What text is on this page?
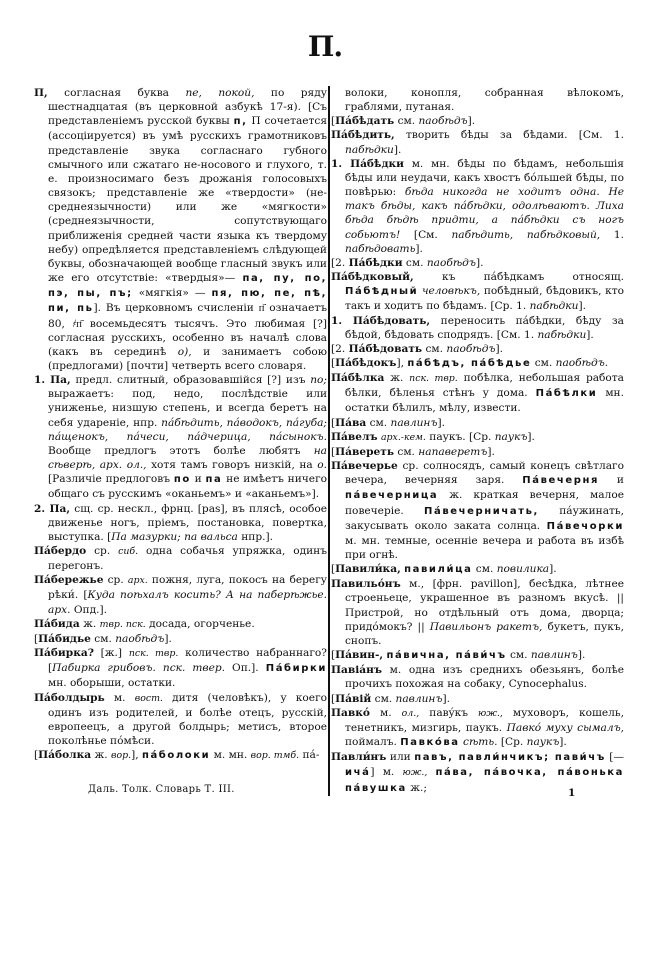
П.

П, согласная буква пе, покой, по ряду шестнадцатая (въ церковной азбукѣ 17-я). [Съ представленіемъ русской буквы п, П сочетается (ассоціируется) въ умѣ русскихъ грамотниковъ представленіе звука согласнаго губного смычного или сжатаго не-носового и глухого, т. е. произносимаго безъ дрожанія голосовыхъ связокъ; представленіе же «твердости» (не-среднеязычности) или же «мягкости» (среднеязычности, сопутствующаго приближенія средней части языка къ твердому небу) опредѣляется представленіемъ слѣдующей буквы, обозначающей вообще гласный звукъ или же его отсутствіе: «твердыя»— па, пу, по, пэ, пы, пъ; «мягкія» — пя, пю, пе, пѣ, пи, пь]. Въ церковномъ счисленіи п҃ означаетъ 80, ҂п҃ восемьдесятъ тысячъ. Это любимая [?] согласная русскихъ, особенно въ началѣ слова (какъ въ серединѣ о), и занимаетъ собою (предлогами) [почти] четверть всего словаря.

1. Па, предл. слитный, образовавшійся [?] изъ по; выражаетъ: под, недо, послѣдствіе или униженье, низшую степень, и всегда беретъ на себя удареніе, нпр. пáбѣдить, пáводокъ, пáгуба; пáщенокъ, пáчеси, пáдчерица, пáсынокъ. Вообще предлогъ этотъ болѣе любятъ на сѣверѣ, арх. ол., хотя тамъ говоръ низкій, на о. [Различіе предлоговъ по и па не имѣетъ ничего общаго съ русскимъ «оканьемъ» и «аканьемъ»].

2. Па, сщ. ср. нескл., фрнц. [pas], въ плясѣ, особое движенье ногъ, пріемъ, постановка, повертка, выступка. [Па мазурки; па вальса нпр.].

Пáбердо ср. сиб. одна собачья упряжка, одинъ перегонъ.

Пáбережье ср. арх. пожня, луга, покосъ на берегу рѣки́. [Куда поѣхалъ косить? А на паберѣжье. арх. Опд.].

Пáбида ж. твр. пск. досада, огорченье.

[Пáбидье см. паобѣдъ].

Пáбирка? [ж.] пск. твр. количество набраннаго? [Пабирка грибовъ. пск. твер. Оп.]. Пáбирки мн. оборыши, остатки.

Пáболдырь м. вост. дитя (человѣкъ), у коего одинъ изъ родителей, и болѣе отецъ, русскій, европеецъ, а другой болдырь; метисъ, второе поколѣнье пóмѣси.

[Пáболка ж. вор.], пáболоки м. мн. вор. тмб. пá-

волоки, конопля, собранная вѣлокомъ, граблями, путаная.

[Пáбѣдать см. паобѣдъ].

Пáбѣдить, творить бѣды за бѣдами. [См. 1. пабѣдки].

1. Пáбѣдки м. мн. бѣды по бѣдамъ, небольшія бѣды или неудачи, какъ хвостъ бóльшей бѣды, по повѣрью: бѣда никогда не ходитъ одна. Не такъ бѣды, какъ пáбѣдки, одолѣваютъ. Лиха бѣда бѣдѣ придти, а пáбѣдки съ ногъ собьютъ! [См. пабѣдить, пабѣдковый, 1. пабѣдовать].

[2. Пáбѣдки см. паобѣдъ].

Пáбѣдковый, къ пáбѣдкамъ относящ. Пáбѣдный человѣкъ, побѣдный, бѣдовикъ, кто такъ и ходитъ по бѣдамъ. [Ср. 1. пабѣдки].

1. Пáбѣдовать, переносить пáбѣдки, бѣду за бѣдой, бѣдовать сподрядъ. [См. 1. пабѣдки].

[2. Пáбѣдовать см. паобѣдъ].

[Пáбѣдокъ], пáбѣдъ, пáбѣдье см. паобѣдъ.

Пáбѣлка ж. пск. твр. побѣлка, небольшая работа бѣлки, бѣленья стѣнъ у дома. Пáбѣлки мн. остатки бѣлилъ, мѣлу, извести.

[Пáва см. павлинъ].

Пáвелъ арх.-кем. паукъ. [Ср. паукъ].

[Пáвереть см. напаверетъ].

Пáвечерье ср. солносядъ, самый конецъ свѣтлаго вечера, вечерняя заря. Пáвечерня и пáвечерница ж. краткая вечерня, малое повечеріе. Пáвечерничать, пáужинать, закусывать около заката солнца. Пáвечорки м. мн. темные, осенніе вечера и работа въ избѣ при огнѣ.

[Павили́ка, павили́ца см. повилика].

Павильо́нъ м., [фрн. pavillon], бесѣдка, лѣтнее строеньеце, украшенное въ разномъ вкусѣ. || Пристрой, но отдѣльный отъ дома, дворца; придóмокъ? || Павильонъ ракетъ, букетъ, пукъ, снопъ.

[Пáвин-, пáвична, пáви́чъ см. павлинъ].

Павіáнъ м. одна изъ среднихъ обезьянъ, болѣе прочихъ похожая на собаку, Cynocephalus.

[Пáвій см. павлинъ].

Павкó м. ол., павýкъ юж., муховоръ, кошель, тенетникъ, мизгирь, паукъ. Павкó муху сымалъ, поймалъ. Павкóва сѣть. [Ср. паукъ].

Павли́нъ или павъ, павли́нчикъ; пави́чъ [—ичá] м. юж., пáва, пáвочка, пáвонька пáвушка ж.;

Даль. Толк. Словарь Т. III.	1
